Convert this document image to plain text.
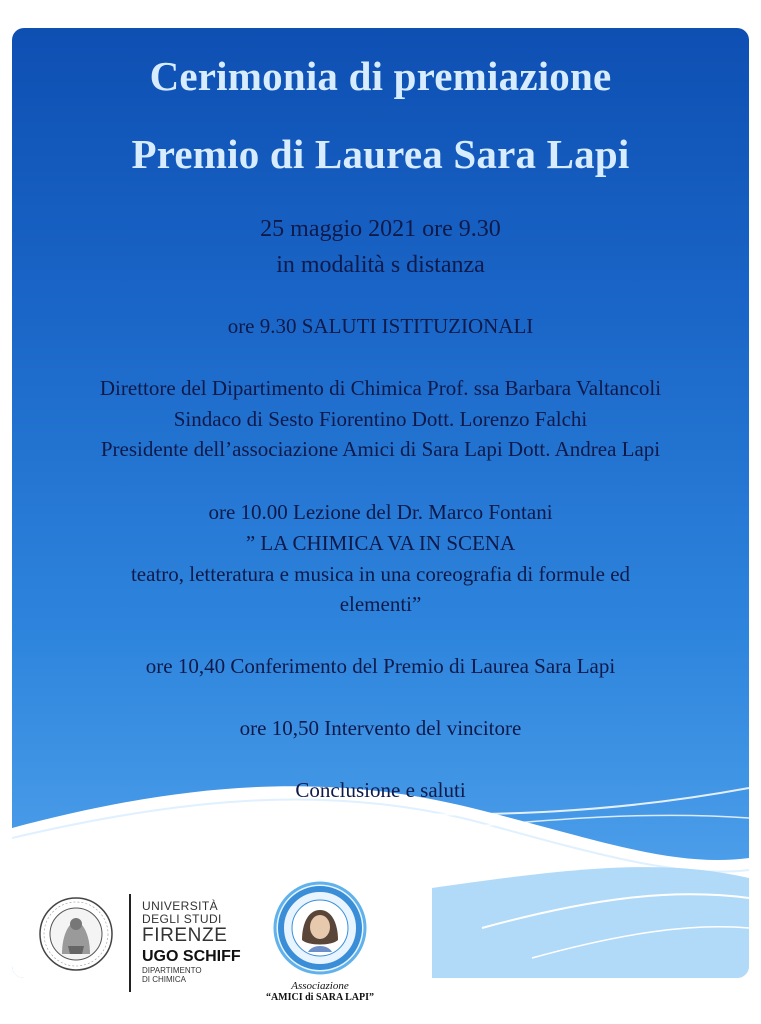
Cerimonia di premiazione
Premio di Laurea Sara Lapi

25 maggio 2021 ore 9.30

in modalità s distanza

ore 9.30 SALUTI ISTITUZIONALI

Direttore del Dipartimento di Chimica Prof. ssa Barbara Valtancoli

Sindaco di Sesto Fiorentino Dott. Lorenzo Falchi

Presidente dell’associazione Amici di Sara Lapi Dott. Andrea Lapi

ore 10.00 Lezione del Dr. Marco Fontani

” LA CHIMICA VA IN SCENA

teatro, letteratura e musica in una coreografia di formule ed

elementi”

ore 10,40 Conferimento del Premio di Laurea Sara Lapi

ore 10,50 Intervento del vincitore

Conclusione e saluti

UNIVERSITÀ
DEGLI STUDI
FIRENZE
UGO SCHIFF
DIPARTIMENTO
DI CHIMICA
Associazione
“AMICI di SARA LAPI”
